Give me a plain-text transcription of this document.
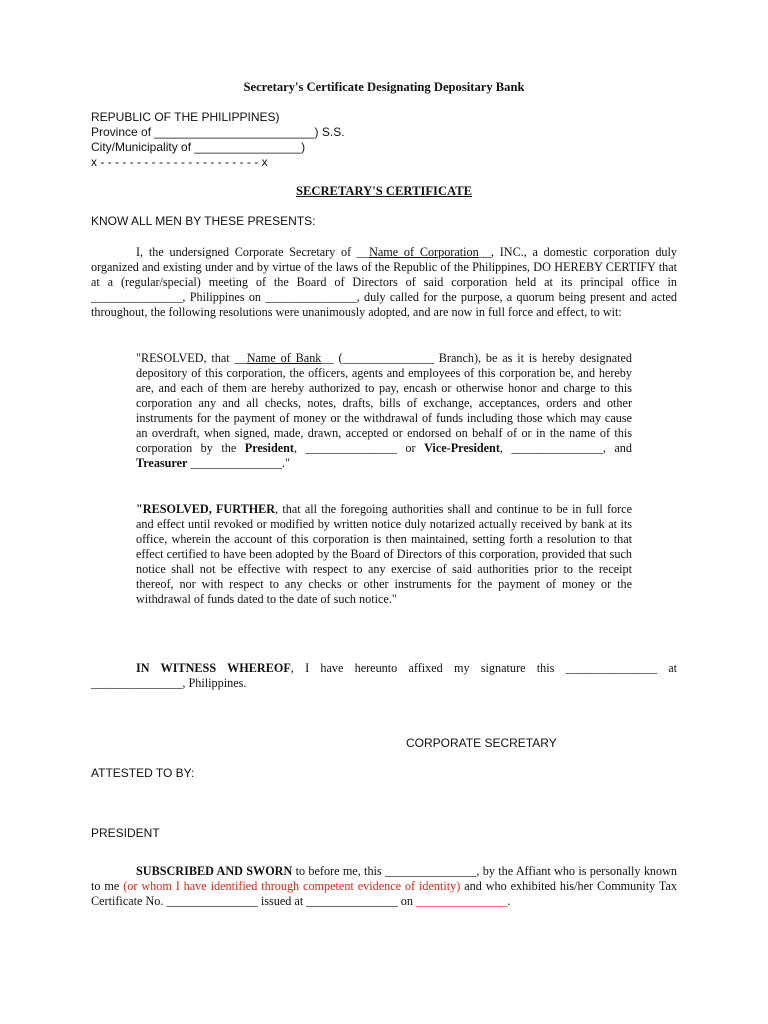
Secretary's Certificate Designating Depositary Bank

REPUBLIC OF THE PHILIPPINES)

Province of ________________________) S.S.

City/Municipality of ________________)

x - - - - - - - - - - - - - - - - - - - - - - x

SECRETARY'S CERTIFICATE
KNOW ALL MEN BY THESE PRESENTS:
I, the undersigned Corporate Secretary of __Name of Corporation__, INC., a domestic corporation duly organized and existing under and by virtue of the laws of the Republic of the Philippines, DO HEREBY CERTIFY that at a (regular/special) meeting of the Board of Directors of said corporation held at its principal office in _______________, Philippines on _______________, duly called for the purpose, a quorum being present and acted throughout, the following resolutions were unanimously adopted, and are now in full force and effect, to wit:
"RESOLVED, that __Name of Bank__ (_______________ Branch), be as it is hereby designated depository of this corporation, the officers, agents and employees of this corporation be, and hereby are, and each of them are hereby authorized to pay, encash or otherwise honor and charge to this corporation any and all checks, notes, drafts, bills of exchange, acceptances, orders and other instruments for the payment of money or the withdrawal of funds including those which may cause an overdraft, when signed, made, drawn, accepted or endorsed on behalf of or in the name of this corporation by the President, _______________ or Vice-President, _______________, and Treasurer _______________."
"RESOLVED, FURTHER, that all the foregoing authorities shall and continue to be in full force and effect until revoked or modified by written notice duly notarized actually received by bank at its office, wherein the account of this corporation is then maintained, setting forth a resolution to that effect certified to have been adopted by the Board of Directors of this corporation, provided that such notice shall not be effective with respect to any exercise of said authorities prior to the receipt thereof, nor with respect to any checks or other instruments for the payment of money or the withdrawal of funds dated to the date of such notice."
IN WITNESS WHEREOF, I have hereunto affixed my signature this _______________ at _______________, Philippines.
CORPORATE SECRETARY
ATTESTED TO BY:
PRESIDENT
SUBSCRIBED AND SWORN to before me, this _______________, by the Affiant who is personally known to me (or whom I have identified through competent evidence of identity) and who exhibited his/her Community Tax Certificate No. _______________ issued at _______________ on _______________.
